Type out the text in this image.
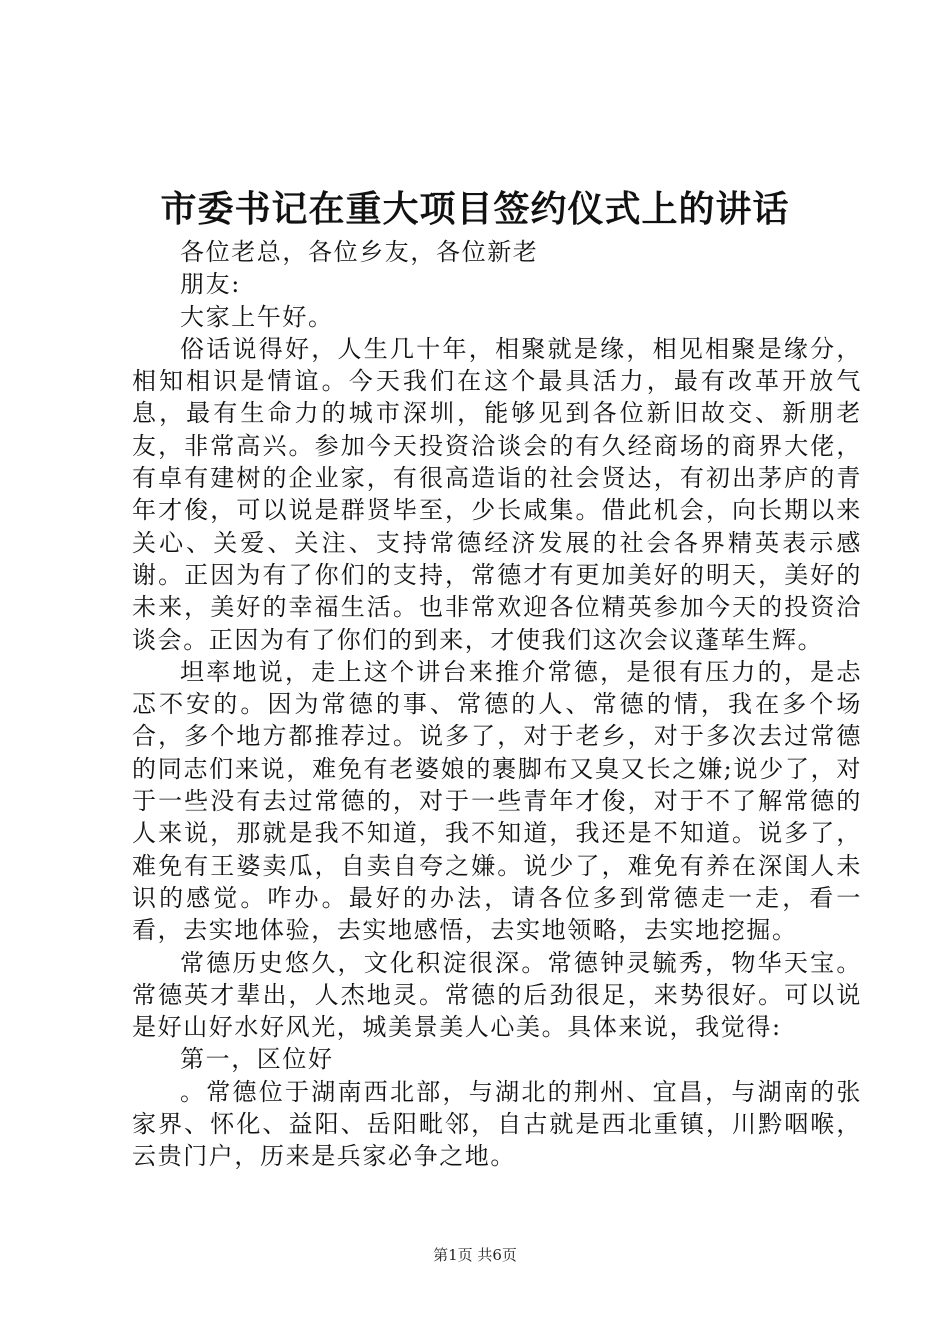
市委书记在重大项目签约仪式上的讲话

各位老总，各位乡友，各位新老

朋友:

大家上午好。

俗话说得好，人生几十年，相聚就是缘，相见相聚是缘分，相知相识是情谊。今天我们在这个最具活力，最有改革开放气息，最有生命力的城市深圳，能够见到各位新旧故交、新朋老友，非常高兴。参加今天投资洽谈会的有久经商场的商界大佬，有卓有建树的企业家，有很高造诣的社会贤达，有初出茅庐的青年才俊，可以说是群贤毕至，少长咸集。借此机会，向长期以来关心、关爱、关注、支持常德经济发展的社会各界精英表示感谢。正因为有了你们的支持，常德才有更加美好的明天，美好的未来，美好的幸福生活。也非常欢迎各位精英参加今天的投资洽谈会。正因为有了你们的到来，才使我们这次会议蓬荜生辉。

坦率地说，走上这个讲台来推介常德，是很有压力的，是忐忑不安的。因为常德的事、常德的人、常德的情，我在多个场合，多个地方都推荐过。说多了，对于老乡，对于多次去过常德的同志们来说，难免有老婆娘的裹脚布又臭又长之嫌;说少了，对于一些没有去过常德的，对于一些青年才俊，对于不了解常德的人来说，那就是我不知道，我不知道，我还是不知道。说多了，难免有王婆卖瓜，自卖自夸之嫌。说少了，难免有养在深闺人未识的感觉。咋办。最好的办法，请各位多到常德走一走，看一看，去实地体验，去实地感悟，去实地领略，去实地挖掘。

常德历史悠久，文化积淀很深。常德钟灵毓秀，物华天宝。常德英才辈出，人杰地灵。常德的后劲很足，来势很好。可以说是好山好水好风光，城美景美人心美。具体来说，我觉得:

第一，区位好

。常德位于湖南西北部，与湖北的荆州、宜昌，与湖南的张家界、怀化、益阳、岳阳毗邻，自古就是西北重镇，川黔咽喉，云贵门户，历来是兵家必争之地。

第1页 共6页
